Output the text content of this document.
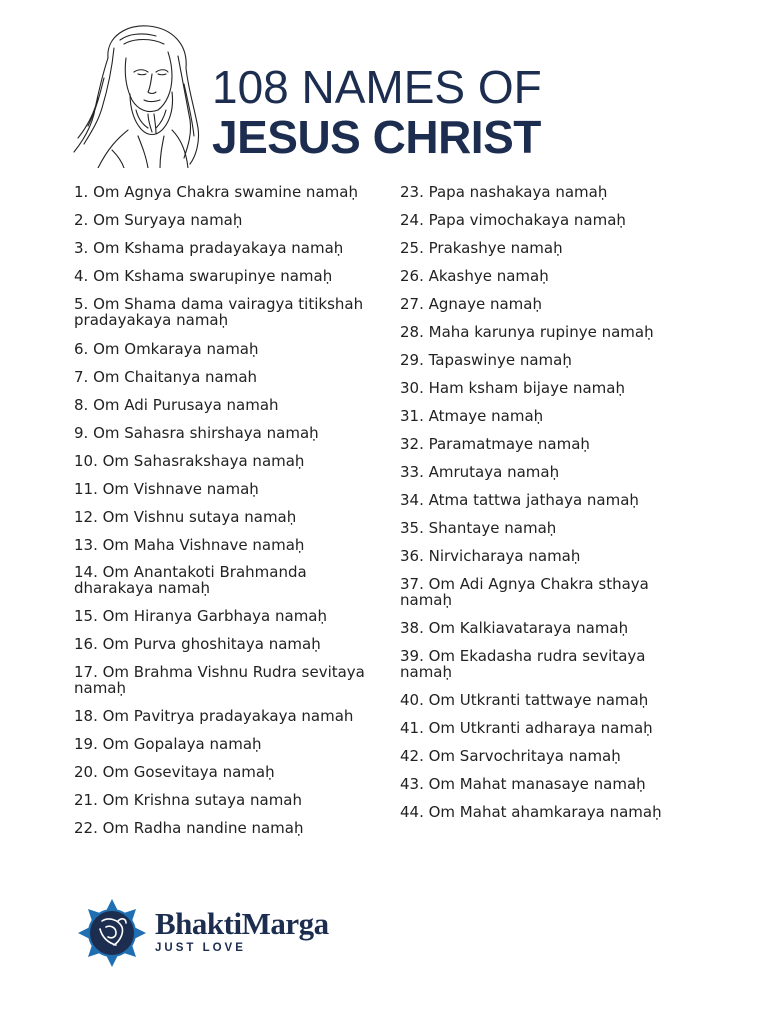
108 NAMES OF
JESUS CHRIST
1. Om Agnya Chakra swamine namaḥ
2. Om Suryaya namaḥ
3. Om Kshama pradayakaya namaḥ
4. Om Kshama swarupinye namaḥ
5. Om Shama dama vairagya titikshah pradayakaya namaḥ
6. Om Omkaraya namaḥ
7. Om Chaitanya namah
8. Om Adi Purusaya namah
9. Om Sahasra shirshaya namaḥ
10. Om Sahasrakshaya namaḥ
11. Om Vishnave namaḥ
12. Om Vishnu sutaya namaḥ
13. Om Maha Vishnave namaḥ
14. Om Anantakoti Brahmanda dharakaya namaḥ
15. Om Hiranya Garbhaya namaḥ
16. Om Purva ghoshitaya namaḥ
17. Om Brahma Vishnu Rudra sevitaya namaḥ
18. Om Pavitrya pradayakaya namah
19. Om Gopalaya namaḥ
20. Om Gosevitaya namaḥ
21. Om Krishna sutaya namah
22. Om Radha nandine namaḥ
23. Papa nashakaya namaḥ
24. Papa vimochakaya namaḥ
25. Prakashye namaḥ
26. Akashye namaḥ
27. Agnaye namaḥ
28. Maha karunya rupinye namaḥ
29. Tapaswinye namaḥ
30. Ham ksham bijaye namaḥ
31. Atmaye namaḥ
32. Paramatmaye namaḥ
33. Amrutaya namaḥ
34. Atma tattwa jathaya namaḥ
35. Shantaye namaḥ
36. Nirvicharaya namaḥ
37. Om Adi Agnya Chakra sthaya namaḥ
38. Om Kalkiavataraya namaḥ
39. Om Ekadasha rudra sevitaya namaḥ
40. Om Utkranti tattwaye namaḥ
41. Om Utkranti adharaya namaḥ
42. Om Sarvochritaya namaḥ
43. Om Mahat manasaye namaḥ
44. Om Mahat ahamkaraya namaḥ
BhaktiMarga
JUST LOVE
